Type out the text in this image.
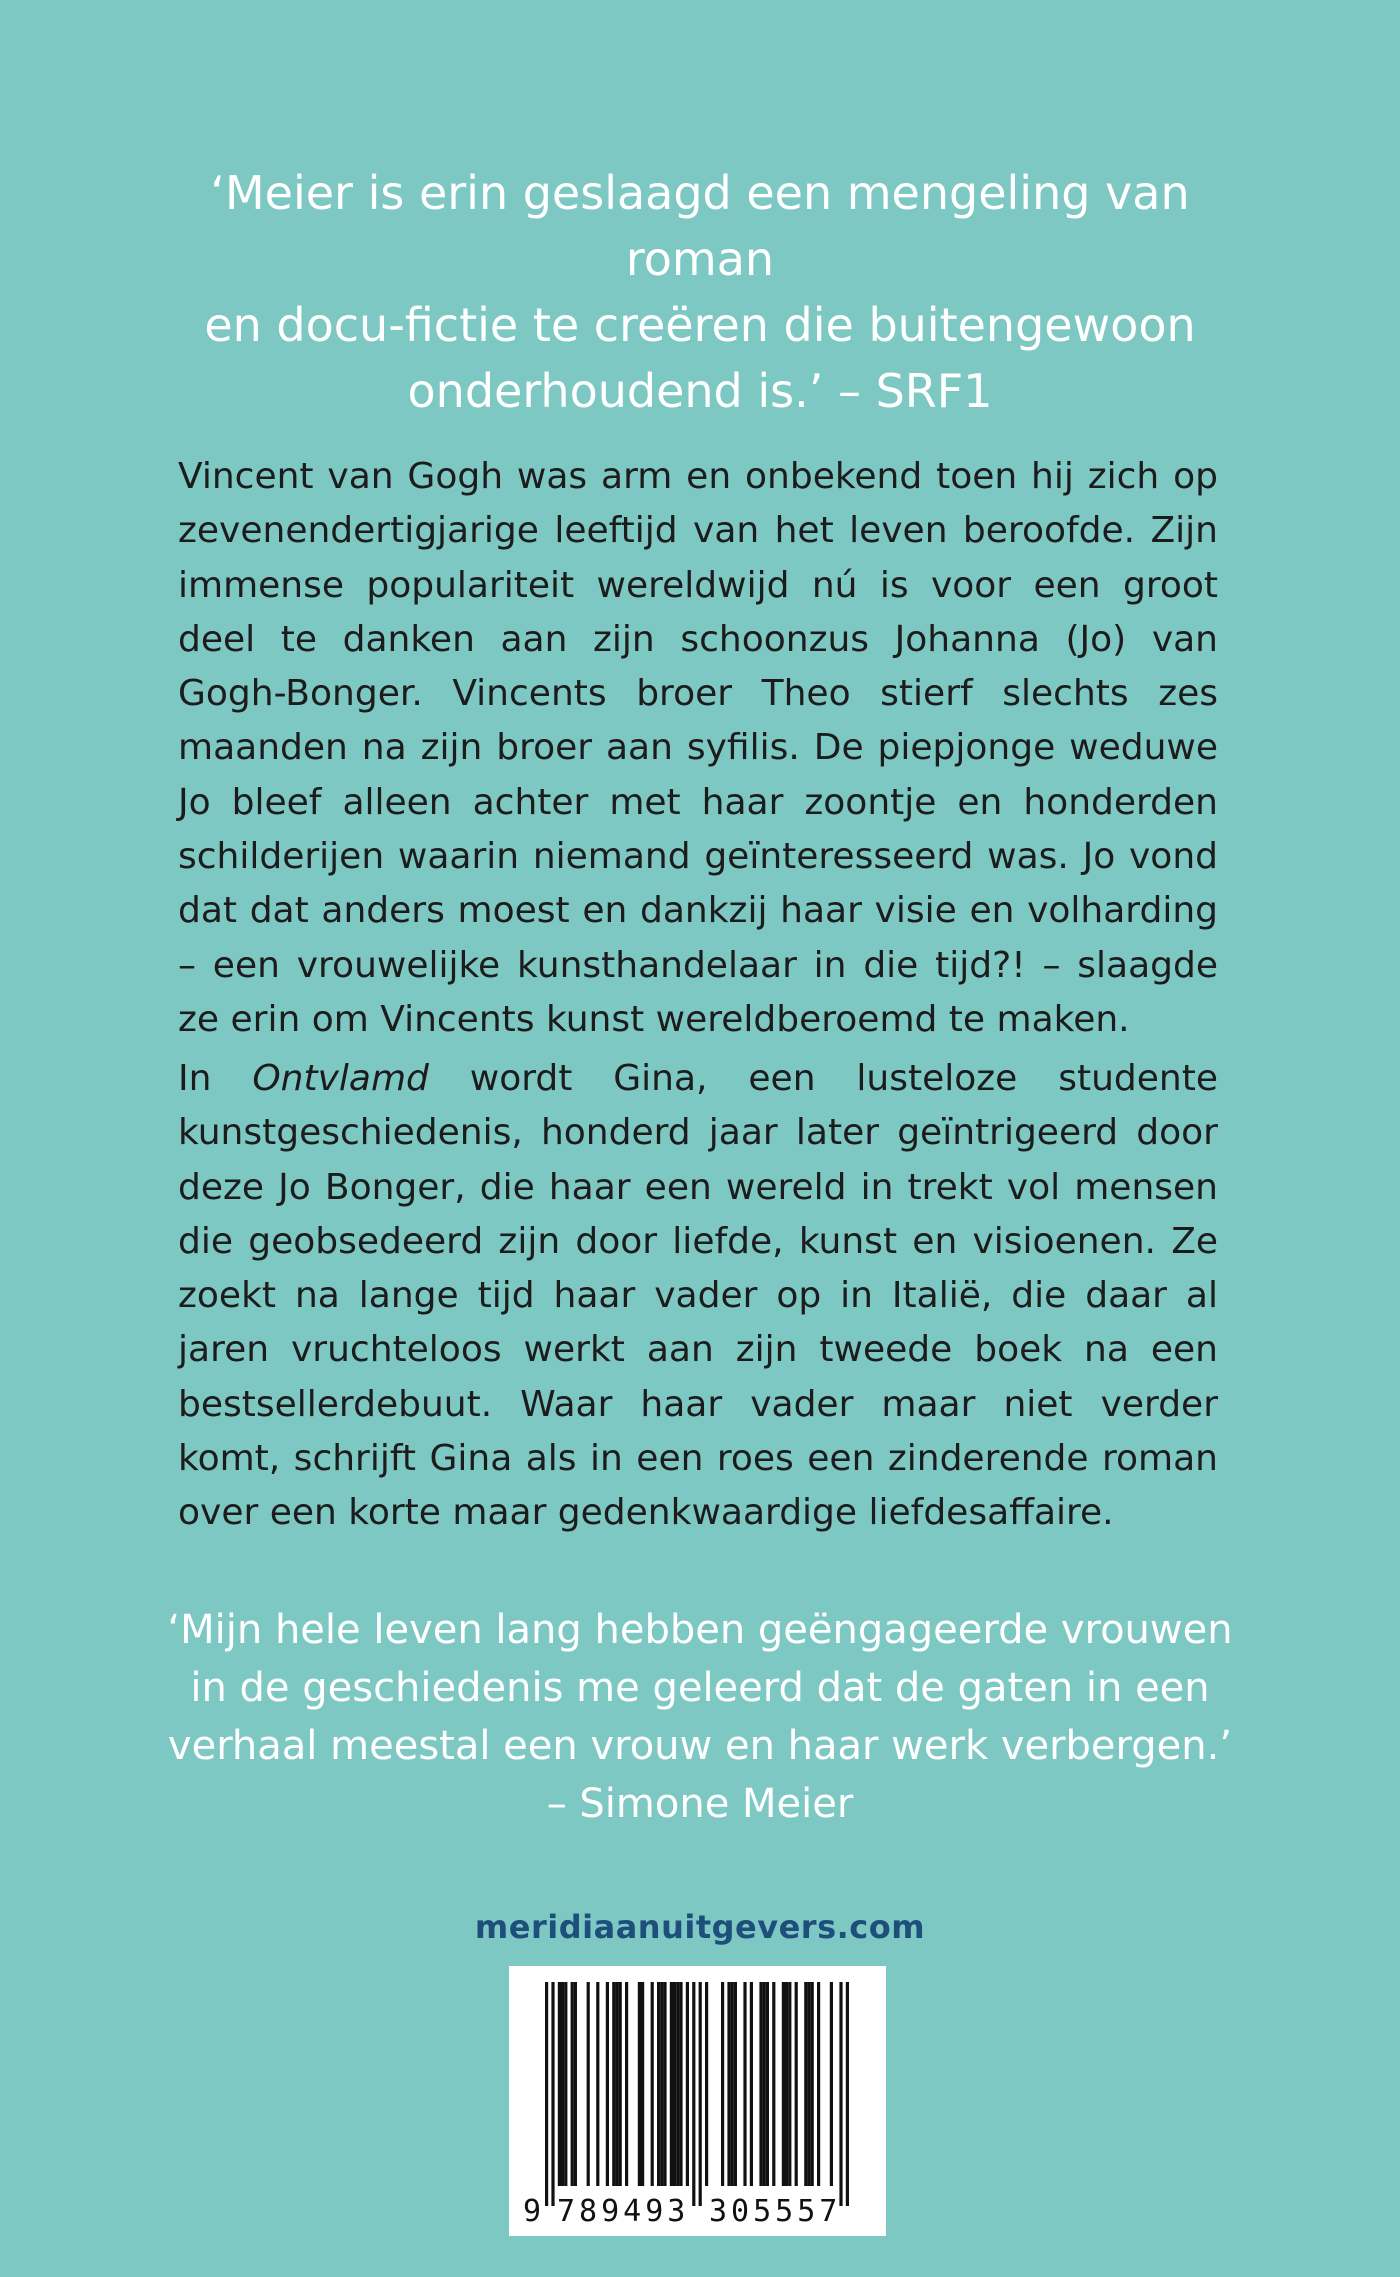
‘Meier is erin geslaagd een mengeling van roman
en docu-fictie te creëren die buitengewoon
onderhoudend is.’ – SRF1

Vincent van Gogh was arm en onbekend toen hij zich op zevenendertigjarige leeftijd van het leven beroofde. Zijn immense populariteit wereldwijd nú is voor een groot deel te danken aan zijn schoonzus Johanna (Jo) van Gogh-Bonger. Vincents broer Theo stierf slechts zes maanden na zijn broer aan syfilis. De piepjonge weduwe Jo bleef alleen achter met haar zoontje en honderden schilderijen waarin niemand geïnteresseerd was. Jo vond dat dat anders moest en dankzij haar visie en volharding – een vrouwelijke kunsthandelaar in die tijd?! – slaagde ze erin om Vincents kunst wereldberoemd te maken.

In Ontvlamd wordt Gina, een lusteloze studente kunstgeschiedenis, honderd jaar later geïntrigeerd door deze Jo Bonger, die haar een wereld in trekt vol mensen die geobsedeerd zijn door liefde, kunst en visioenen. Ze zoekt na lange tijd haar vader op in Italië, die daar al jaren vruchteloos werkt aan zijn tweede boek na een bestsellerdebuut. Waar haar vader maar niet verder komt, schrijft Gina als in een roes een zinderende roman over een korte maar gedenkwaardige liefdesaffaire.

‘Mijn hele leven lang hebben geëngageerde vrouwen
in de geschiedenis me geleerd dat de gaten in een
verhaal meestal een vrouw en haar werk verbergen.’
– Simone Meier
meridiaanuitgevers.com
9 789493 305557
